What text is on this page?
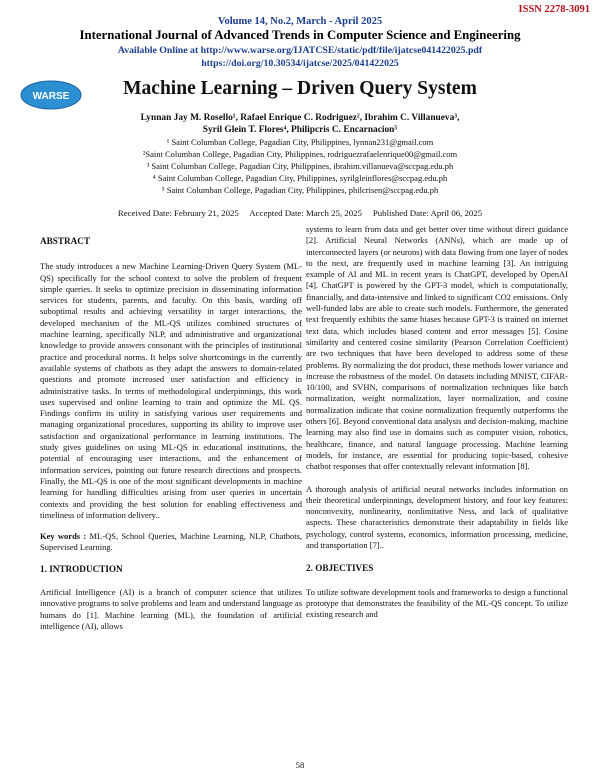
ISSN 2278-3091
Volume 14, No.2, March - April 2025
International Journal of Advanced Trends in Computer Science and Engineering
Available Online at http://www.warse.org/IJATCSE/static/pdf/file/ijatcse041422025.pdf
https://doi.org/10.30534/ijatcse/2025/041422025
WARSE	Machine Learning – Driven Query System
Lynnan Jay M. Rosello¹, Rafael Enrique C. Rodriguez², Ibrahim C. Villanueva³,
Syril Glein T. Flores⁴, Philipcris C. Encarnacion⁵
¹ Saint Columban College, Pagadian City, Philippines, lynnan231@gmail.com
²Saint Columban College, Pagadian City, Philippines, rodriguezrafaelenrique00@gmail.com
³ Saint Columban College, Pagadian City, Philippines, ibrahim.villanueva@sccpag.edu.ph
⁴ Saint Columban College, Pagadian City, Philippines, syrilgleinflores@sccpag.edu.ph
⁵ Saint Columban College, Pagadian City, Philippines, philcrisen@sccpag.edu.ph
Received Date: February 21, 2025     Accepted Date: March 25, 2025     Published Date: April 06, 2025

ABSTRACT

The study introduces a new Machine Learning-Driven Query System (ML-QS) specifically for the school context to solve the problem of frequent simple queries. It seeks to optimize precision in disseminating information services for students, parents, and faculty. On this basis, warding off suboptimal results and achieving versatility in target interactions, the developed mechanism of the ML-QS utilizes combined structures of machine learning, specifically NLP, and administrative and organizational knowledge to provide answers consonant with the principles of institutional practice and procedural norms. It helps solve shortcomings in the currently available systems of chatbots as they adapt the answers to domain-related questions and promote increased user satisfaction and efficiency in administrative tasks. In terms of methodological underpinnings, this work uses supervised and online learning to train and optimize the ML QS. Findings confirm its utility in satisfying various user requirements and managing organizational procedures, supporting its ability to improve user satisfaction and organizational performance in learning institutions. The study gives guidelines on using ML-QS in educational institutions, the potential of encouraging user interactions, and the enhancement of information services, pointing out future research directions and prospects. Finally, the ML-QS is one of the most significant developments in machine learning for handling difficulties arising from user queries in uncertain contexts and providing the best solution for enabling effectiveness and timeliness of information delivery..

Key words : ML-QS, School Queries, Machine Learning, NLP, Chatbots, Supervised Learning.

1. INTRODUCTION

Artificial Intelligence (AI) is a branch of computer science that utilizes innovative programs to solve problems and learn and understand language as humans do [1]. Machine learning (ML), the foundation of artificial intelligence (AI), allows

systems to learn from data and get better over time without direct guidance [2]. Artificial Neural Networks (ANNs), which are made up of interconnected layers (or neurons) with data flowing from one layer of nodes to the next, are frequently used in machine learning [3]. An intriguing example of AI and ML in recent years is ChatGPT, developed by OpenAI [4]. ChatGPT is powered by the GPT-3 model, which is computationally, financially, and data-intensive and linked to significant CO2 emissions. Only well-funded labs are able to create such models. Furthermore, the generated text frequently exhibits the same biases because GPT-3 is trained on internet text data, which includes biased content and error messages [5]. Cosine similarity and centered cosine similarity (Pearson Correlation Coefficient) are two techniques that have been developed to address some of these problems. By normalizing the dot product, these methods lower variance and increase the robustness of the model. On datasets including MNIST, CIFAR-10/100, and SVHN, comparisons of normalization techniques like batch normalization, weight normalization, layer normalization, and cosine normalization indicate that cosine normalization frequently outperforms the others [6]. Beyond conventional data analysis and decision-making, machine learning may also find use in domains such as computer vision, robotics, healthcare, finance, and natural language processing. Machine learning models, for instance, are essential for producing topic-based, cohesive chatbot responses that offer contextually relevant information [8].

A thorough analysis of artificial neural networks includes information on their theoretical underpinnings, development history, and four key features: nonconvexity, nonlinearity, nonlimitative Ness, and lack of qualitative aspects. These characteristics demonstrate their adaptability in fields like psychology, control systems, economics, information processing, medicine, and transportation [7]..

2. OBJECTIVES

To utilize software development tools and frameworks to design a functional prototype that demonstrates the feasibility of the ML-QS concept. To utilize existing research and

58
